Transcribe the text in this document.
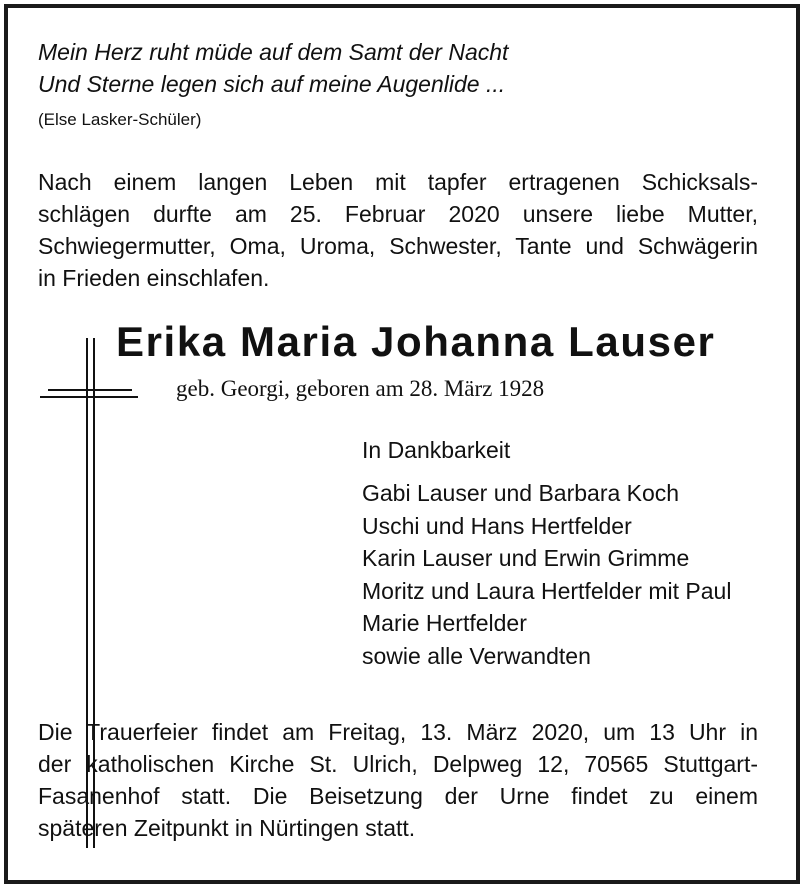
Mein Herz ruht müde auf dem Samt der Nacht
Und Sterne legen sich auf meine Augenlide ...
(Else Lasker-Schüler)
Nach einem langen Leben mit tapfer ertragenen Schicksals-
schlägen durfte am 25. Februar 2020 unsere liebe Mutter,
Schwiegermutter, Oma, Uroma, Schwester, Tante und Schwägerin
in Frieden einschlafen.
Erika Maria Johanna Lauser
geb. Georgi, geboren am 28. März 1928
In Dankbarkeit
Gabi Lauser und Barbara Koch
Uschi und Hans Hertfelder
Karin Lauser und Erwin Grimme
Moritz und Laura Hertfelder mit Paul
Marie Hertfelder
sowie alle Verwandten
Die Trauerfeier findet am Freitag, 13. März 2020, um 13 Uhr in
der katholischen Kirche St. Ulrich, Delpweg 12, 70565 Stuttgart-
Fasanenhof statt. Die Beisetzung der Urne findet zu einem
späteren Zeitpunkt in Nürtingen statt.
